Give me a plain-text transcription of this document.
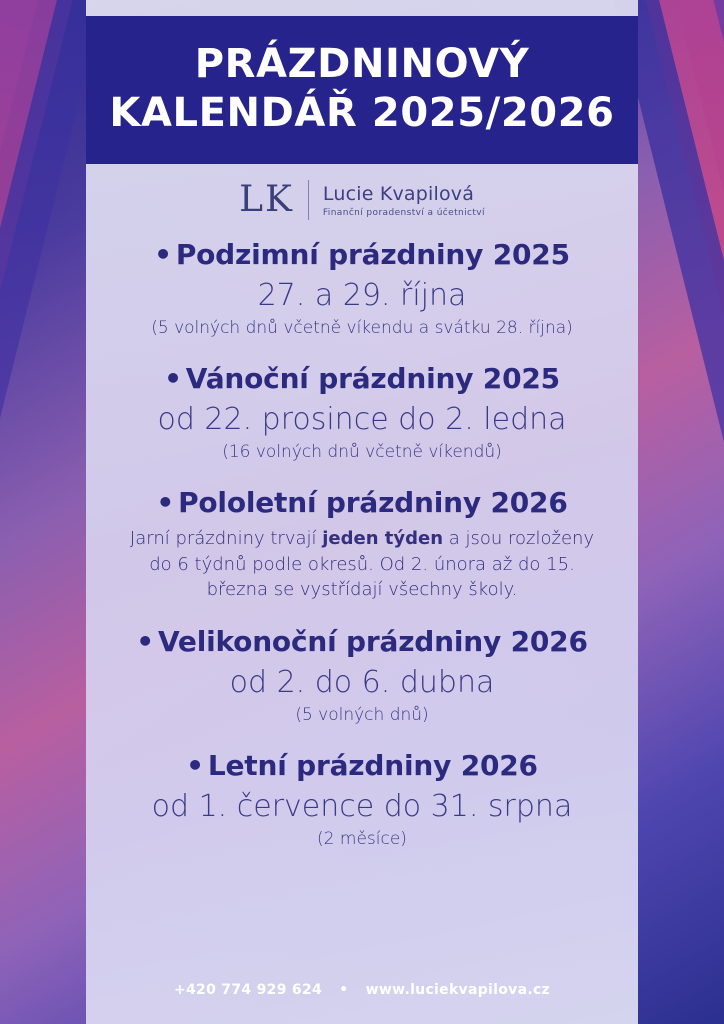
PRÁZDNINOVÝ
KALENDÁŘ 2025/2026
LK Lucie Kvapilová
Finanční poradenství a účetnictví
• Podzimní prázdniny 2025
27. a 29. října
(5 volných dnů včetně víkendu a svátku 28. října)
• Vánoční prázdniny 2025
od 22. prosince do 2. ledna
(16 volných dnů včetně víkendů)
• Pololetní prázdniny 2026
Jarní prázdniny trvají jeden týden a jsou rozloženy do 6 týdnů podle okresů. Od 2. února až do 15. března se vystřídají všechny školy.
• Velikonoční prázdniny 2026
od 2. do 6. dubna
(5 volných dnů)
• Letní prázdniny 2026
od 1. července do 31. srpna
(2 měsíce)
+420 774 929 624 • www.luciekvapilova.cz
